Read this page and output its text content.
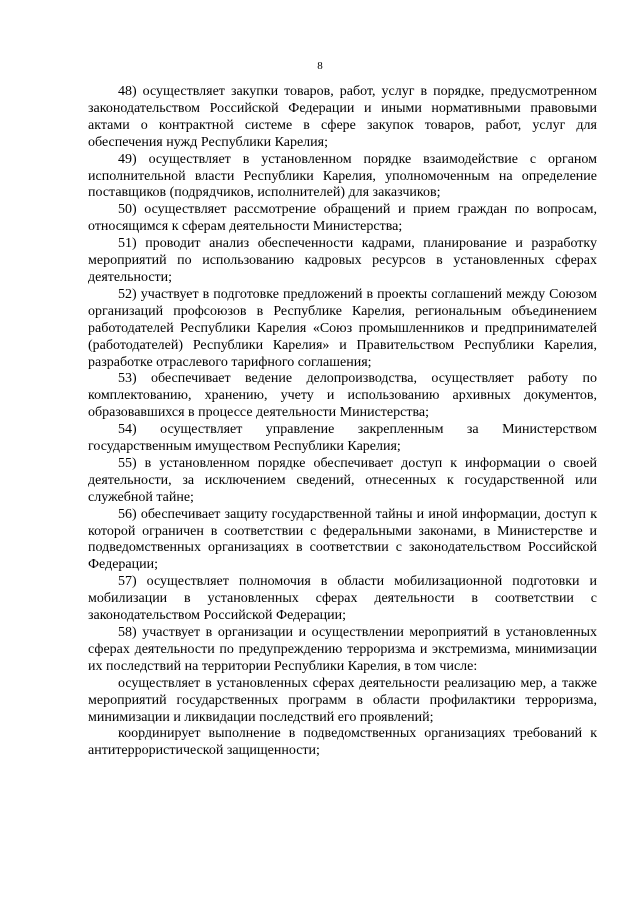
8

48) осуществляет закупки товаров, работ, услуг в порядке, предусмотренном законодательством Российской Федерации и иными нормативными правовыми актами о контрактной системе в сфере закупок товаров, работ, услуг для обеспечения нужд Республики Карелия;

49) осуществляет в установленном порядке взаимодействие с органом исполнительной власти Республики Карелия, уполномоченным на определение поставщиков (подрядчиков, исполнителей) для заказчиков;

50) осуществляет рассмотрение обращений и прием граждан по вопросам, относящимся к сферам деятельности Министерства;

51) проводит анализ обеспеченности кадрами, планирование и разработку мероприятий по использованию кадровых ресурсов в установленных сферах деятельности;

52) участвует в подготовке предложений в проекты соглашений между Союзом организаций профсоюзов в Республике Карелия, региональным объединением работодателей Республики Карелия «Союз промышленников и предпринимателей (работодателей) Республики Карелия» и Правительством Республики Карелия, разработке отраслевого тарифного соглашения;

53) обеспечивает ведение делопроизводства, осуществляет работу по комплектованию, хранению, учету и использованию архивных документов, образовавшихся в процессе деятельности Министерства;

54) осуществляет управление закрепленным за Министерством государственным имуществом Республики Карелия;

55) в установленном порядке обеспечивает доступ к информации о своей деятельности, за исключением сведений, отнесенных к государственной или служебной тайне;

56) обеспечивает защиту государственной тайны и иной информации, доступ к которой ограничен в соответствии с федеральными законами, в Министерстве и подведомственных организациях в соответствии с законодательством Российской Федерации;

57) осуществляет полномочия в области мобилизационной подготовки и мобилизации в установленных сферах деятельности в соответствии с законодательством Российской Федерации;

58) участвует в организации и осуществлении мероприятий в установленных сферах деятельности по предупреждению терроризма и экстремизма, минимизации их последствий на территории Республики Карелия, в том числе:

осуществляет в установленных сферах деятельности реализацию мер, а также мероприятий государственных программ в области профилактики терроризма, минимизации и ликвидации последствий его проявлений;

координирует выполнение в подведомственных организациях требований к антитеррористической защищенности;
